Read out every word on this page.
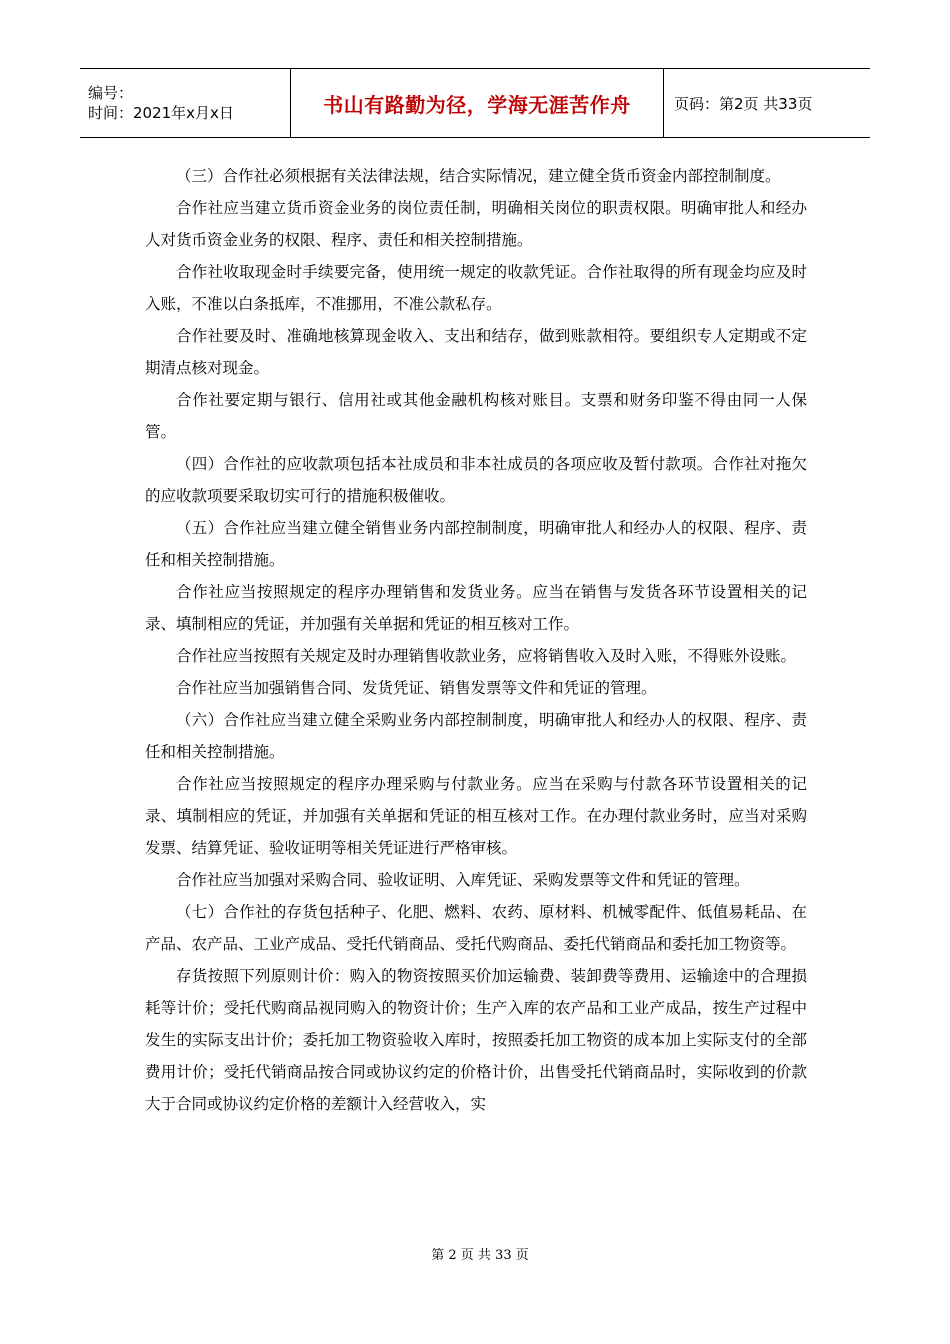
编号：
时间：2021年x月x日	书山有路勤为径，学海无涯苦作舟	页码：第2页 共33页

（三）合作社必须根据有关法律法规，结合实际情况，建立健全货币资金内部控制制度。

合作社应当建立货币资金业务的岗位责任制，明确相关岗位的职责权限。明确审批人和经办人对货币资金业务的权限、程序、责任和相关控制措施。

合作社收取现金时手续要完备，使用统一规定的收款凭证。合作社取得的所有现金均应及时入账，不准以白条抵库，不准挪用，不准公款私存。

合作社要及时、准确地核算现金收入、支出和结存，做到账款相符。要组织专人定期或不定期清点核对现金。

合作社要定期与银行、信用社或其他金融机构核对账目。支票和财务印鉴不得由同一人保管。

（四）合作社的应收款项包括本社成员和非本社成员的各项应收及暂付款项。合作社对拖欠的应收款项要采取切实可行的措施积极催收。

（五）合作社应当建立健全销售业务内部控制制度，明确审批人和经办人的权限、程序、责任和相关控制措施。

合作社应当按照规定的程序办理销售和发货业务。应当在销售与发货各环节设置相关的记录、填制相应的凭证，并加强有关单据和凭证的相互核对工作。

合作社应当按照有关规定及时办理销售收款业务，应将销售收入及时入账，不得账外设账。

合作社应当加强销售合同、发货凭证、销售发票等文件和凭证的管理。

（六）合作社应当建立健全采购业务内部控制制度，明确审批人和经办人的权限、程序、责任和相关控制措施。

合作社应当按照规定的程序办理采购与付款业务。应当在采购与付款各环节设置相关的记录、填制相应的凭证，并加强有关单据和凭证的相互核对工作。在办理付款业务时，应当对采购发票、结算凭证、验收证明等相关凭证进行严格审核。

合作社应当加强对采购合同、验收证明、入库凭证、采购发票等文件和凭证的管理。

（七）合作社的存货包括种子、化肥、燃料、农药、原材料、机械零配件、低值易耗品、在产品、农产品、工业产成品、受托代销商品、受托代购商品、委托代销商品和委托加工物资等。

存货按照下列原则计价：购入的物资按照买价加运输费、装卸费等费用、运输途中的合理损耗等计价；受托代购商品视同购入的物资计价；生产入库的农产品和工业产成品，按生产过程中发生的实际支出计价；委托加工物资验收入库时，按照委托加工物资的成本加上实际支付的全部费用计价；受托代销商品按合同或协议约定的价格计价，出售受托代销商品时，实际收到的价款大于合同或协议约定价格的差额计入经营收入，实

第 2 页 共 33 页
